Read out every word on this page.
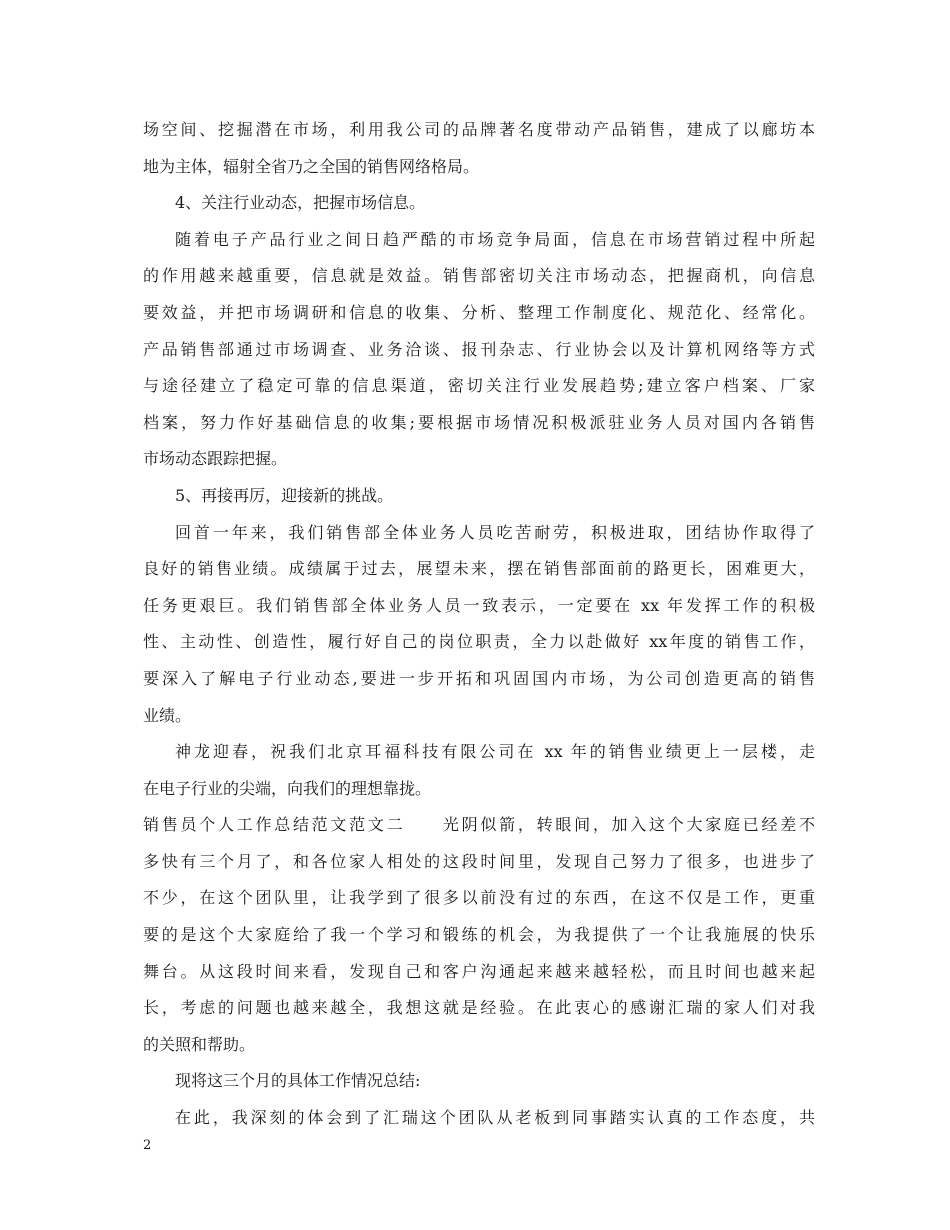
场空间、挖掘潜在市场，利用我公司的品牌著名度带动产品销售，建成了以廊坊本
地为主体，辐射全省乃之全国的销售网络格局。
4、关注行业动态，把握市场信息。
随着电子产品行业之间日趋严酷的市场竞争局面，信息在市场营销过程中所起
的作用越来越重要，信息就是效益。销售部密切关注市场动态，把握商机，向信息
要效益，并把市场调研和信息的收集、分析、整理工作制度化、规范化、经常化。
产品销售部通过市场调查、业务洽谈、报刊杂志、行业协会以及计算机网络等方式
与途径建立了稳定可靠的信息渠道，密切关注行业发展趋势;建立客户档案、厂家
档案，努力作好基础信息的收集;要根据市场情况积极派驻业务人员对国内各销售
市场动态跟踪把握。
5、再接再厉，迎接新的挑战。
回首一年来，我们销售部全体业务人员吃苦耐劳，积极进取，团结协作取得了
良好的销售业绩。成绩属于过去，展望未来，摆在销售部面前的路更长，困难更大，
任务更艰巨。我们销售部全体业务人员一致表示，一定要在 xx 年发挥工作的积极
性、主动性、创造性，履行好自己的岗位职责，全力以赴做好 xx年度的销售工作，
要深入了解电子行业动态,要进一步开拓和巩固国内市场，为公司创造更高的销售
业绩。
神龙迎春，祝我们北京耳福科技有限公司在 xx 年的销售业绩更上一层楼，走
在电子行业的尖端，向我们的理想靠拢。
销售员个人工作总结范文范文二　　光阴似箭，转眼间，加入这个大家庭已经差不
多快有三个月了，和各位家人相处的这段时间里，发现自己努力了很多，也进步了
不少，在这个团队里，让我学到了很多以前没有过的东西，在这不仅是工作，更重
要的是这个大家庭给了我一个学习和锻练的机会，为我提供了一个让我施展的快乐
舞台。从这段时间来看，发现自己和客户沟通起来越来越轻松，而且时间也越来起
长，考虑的问题也越来越全，我想这就是经验。在此衷心的感谢汇瑞的家人们对我
的关照和帮助。
现将这三个月的具体工作情况总结:
在此，我深刻的体会到了汇瑞这个团队从老板到同事踏实认真的工作态度，共
2
